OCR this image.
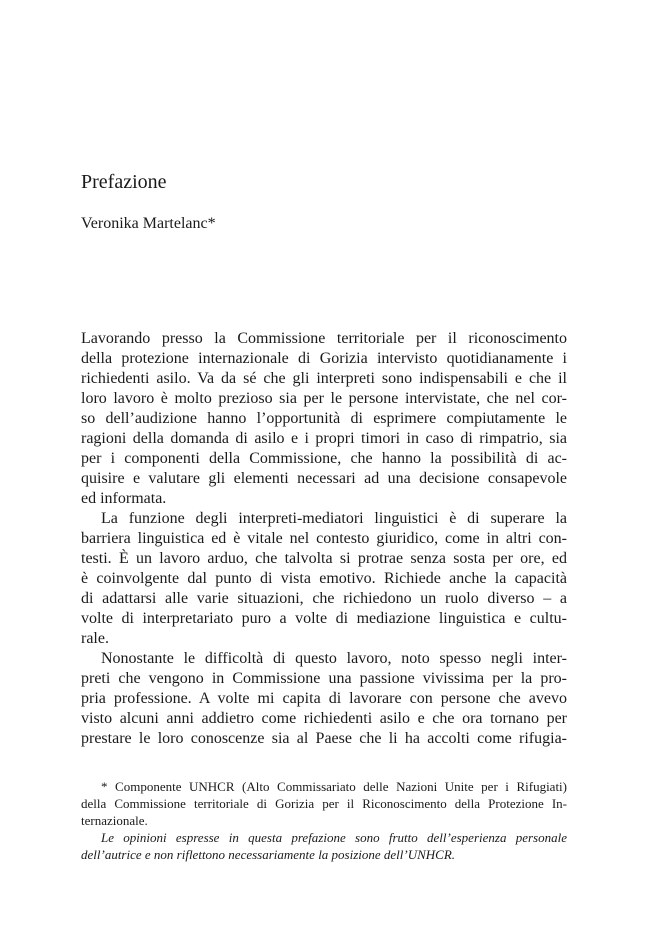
Prefazione
Veronika Martelanc*

Lavorando presso la Commissione territoriale per il riconoscimento
della protezione internazionale di Gorizia intervisto quotidianamente i
richiedenti asilo. Va da sé che gli interpreti sono indispensabili e che il
loro lavoro è molto prezioso sia per le persone intervistate, che nel cor-
so dell’audizione hanno l’opportunità di esprimere compiutamente le
ragioni della domanda di asilo e i propri timori in caso di rimpatrio, sia
per i componenti della Commissione, che hanno la possibilità di ac-
quisire e valutare gli elementi necessari ad una decisione consapevole
ed informata.

La funzione degli interpreti-mediatori linguistici è di superare la
barriera linguistica ed è vitale nel contesto giuridico, come in altri con-
testi. È un lavoro arduo, che talvolta si protrae senza sosta per ore, ed
è coinvolgente dal punto di vista emotivo. Richiede anche la capacità
di adattarsi alle varie situazioni, che richiedono un ruolo diverso – a
volte di interpretariato puro a volte di mediazione linguistica e cultu-
rale.

Nonostante le difficoltà di questo lavoro, noto spesso negli inter-
preti che vengono in Commissione una passione vivissima per la pro-
pria professione. A volte mi capita di lavorare con persone che avevo
visto alcuni anni addietro come richiedenti asilo e che ora tornano per
prestare le loro conoscenze sia al Paese che li ha accolti come rifugia-

* Componente UNHCR (Alto Commissariato delle Nazioni Unite per i Rifugiati)
della Commissione territoriale di Gorizia per il Riconoscimento della Protezione In-
ternazionale.

Le opinioni espresse in questa prefazione sono frutto dell’esperienza personale
dell’autrice e non riflettono necessariamente la posizione dell’UNHCR.
